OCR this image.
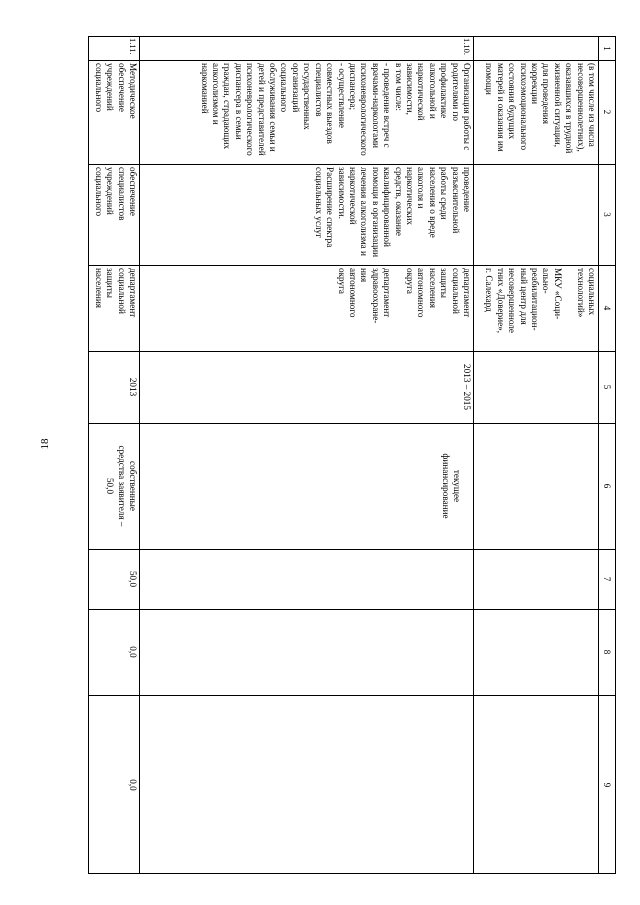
18
1
2
3
4
5
6
7
8
9
(в том числе из числа
несовершеннолетних),
оказавшихся в трудной
жизненной ситуации,
для проведения
коррекции
психоэмоционального
состояния будущих
матерей и оказания им
помощи
социальных
технологий»

МКУ «Соци-
ально-
реабилитацион-
ный центр для
несовершенноле
тних «Доверие»,
г. Салехард
1.10.
Организация работы с
родителями по
профилактике
алкогольной и
наркотической
зависимости,
в том числе:
- проведение встреч с
врачами-наркологами
психоневрологического
диспансера;
- осуществление
совместных выездов
специалистов
государственных
организаций
социального
обслуживания семьи и
детей и представителей
психоневрологического
диспансера в семьи
граждан, страдающих
алкоголизмом и
наркоманией
проведение
разъяснительной
работы среди
населения о вреде
алкоголя и
наркотических
средств, оказание
квалифицированной
помощи в организации
лечения алкоголизма и
наркотической
зависимости.
Расширение спектра
социальных услуг
департамент
социальной
защиты
населения
автономного
округа

департамент
здравоохране-
ния
автономного
округа
2013 – 2015
текущее
финансирование
1.11.
Методическое
обеспечение
учреждений
социального
обеспечение
специалистов
учреждений
социального
департамент
социальной
защиты
населения
2013
собственные
средства заявителя –
50,0
50,0
0,0
0,0
